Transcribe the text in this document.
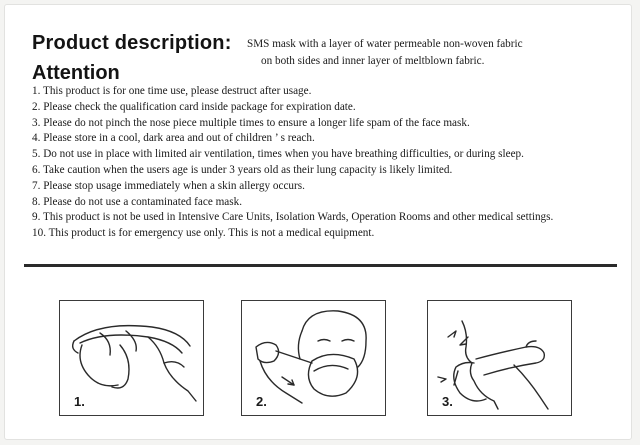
Product description: SMS mask with a layer of water permeable non-woven fabric
on both sides and inner layer of meltblown fabric.
Attention
1. This product is for one time use, please destruct after usage.
2. Please check the qualification card inside package for expiration date.
3. Please do not pinch the nose piece multiple times to ensure a longer life spam of the face mask.
4. Please store in a cool, dark area and out of children ’ s reach.
5. Do not use in place with limited air ventilation, times when you have breathing difficulties, or during sleep.
6. Take caution when the users age is under 3 years old as their lung capacity is likely limited.
7. Please stop usage immediately when a skin allergy occurs.
8. Please do not use a contaminated face mask.
9. This product is not be used in Intensive Care Units, Isolation Wards, Operation Rooms and other medical settings.
10. This product is for emergency use only. This is not a medical equipment.
1.	2.	3.
